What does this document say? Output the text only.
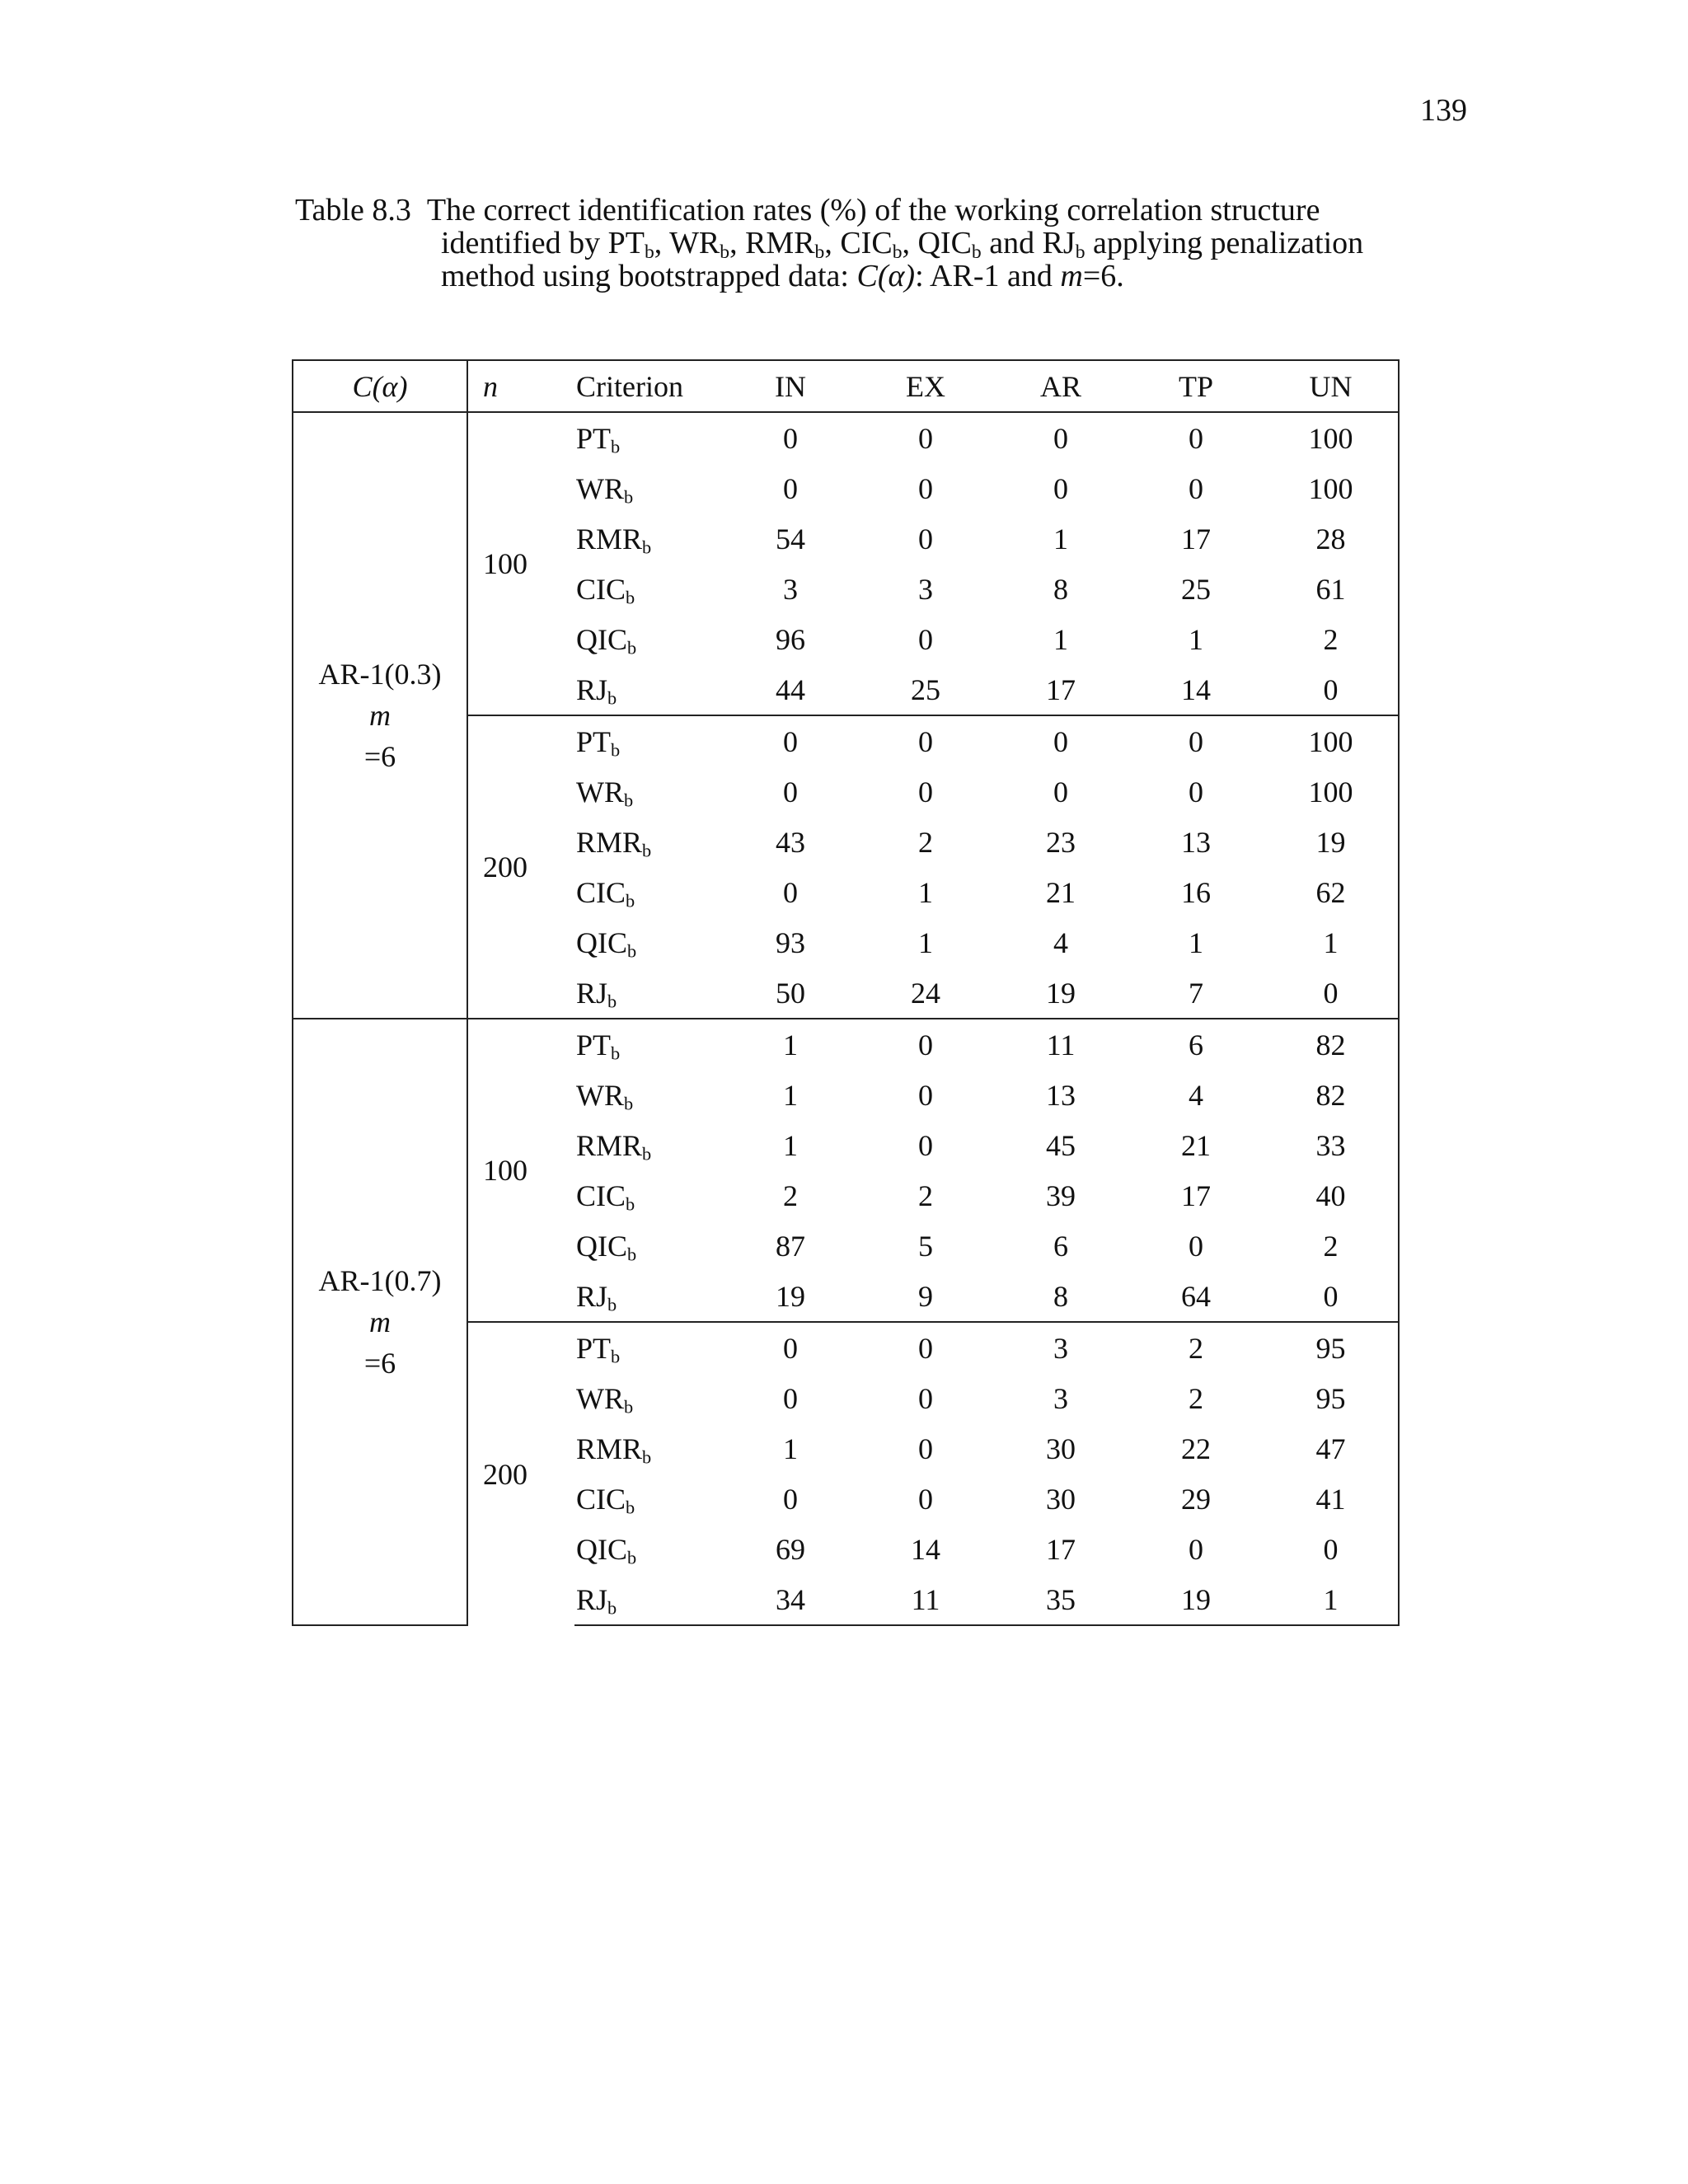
139
Table 8.3 The correct identification rates (%) of the working correlation structure
identified by $PT_b$, $WR_b$, $RMR_b$, $CIC_b$, $QIC_b$ and $RJ_b$ applying penalization
method using bootstrapped data: C(α): AR-1 and m=6.
C(α)	n	Criterion	IN	EX	AR	TP	UN

AR-1(0.3)
m
=6	100	$PT_b$	0	0	0	0	100
		$WR_b$	0	0	0	0	100
		$RMR_b$	54	0	1	17	28
		$CIC_b$	3	3	8	25	61
		$QIC_b$	96	0	1	1	2
		$RJ_b$	44	25	17	14	0
	200	$PT_b$	0	0	0	0	100
		$WR_b$	0	0	0	0	100
		$RMR_b$	43	2	23	13	19
		$CIC_b$	0	1	21	16	62
		$QIC_b$	93	1	4	1	1
		$RJ_b$	50	24	19	7	0

AR-1(0.7)
m
=6	100	$PT_b$	1	0	11	6	82
		$WR_b$	1	0	13	4	82
		$RMR_b$	1	0	45	21	33
		$CIC_b$	2	2	39	17	40
		$QIC_b$	87	5	6	0	2
		$RJ_b$	19	9	8	64	0
	200	$PT_b$	0	0	3	2	95
		$WR_b$	0	0	3	2	95
		$RMR_b$	1	0	30	22	47
		$CIC_b$	0	0	30	29	41
		$QIC_b$	69	14	17	0	0
		$RJ_b$	34	11	35	19	1
